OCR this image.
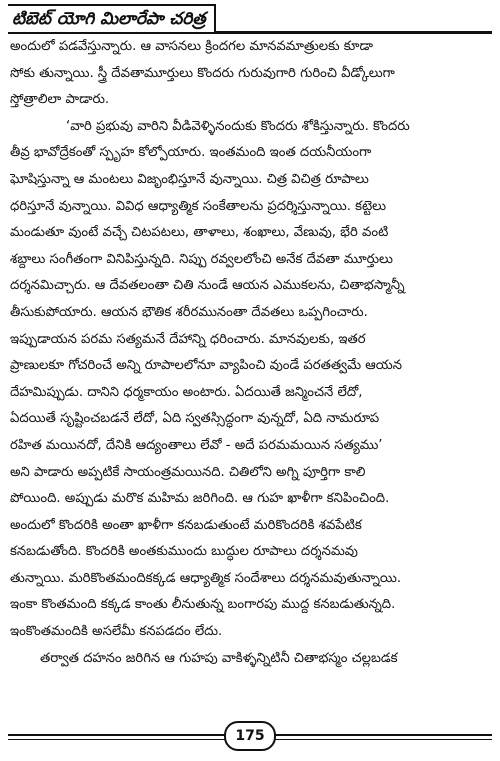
టిబెట్ యోగి మిలారేపా చరిత్ర
అందులో పడవేస్తున్నారు. ఆ వాసనలు క్రిందగల మానవమాత్రులకు కూడా
సోకు తున్నాయి. స్త్రీ దేవతామూర్తులు కొందరు గురువుగారి గురించి వీడ్కోలుగా
స్తోత్రాలిలా పాడారు.
‘వారి ప్రభువు వారిని వీడివెళ్ళినందుకు కొందరు శోకిస్తున్నారు. కొందరు
తీవ్ర భావోద్రేకంతో స్పృహ కోల్పోయారు. ఇంతమంది ఇంత దయనీయంగా
ఘోషిస్తున్నా ఆ మంటలు విజృంభిస్తూనే వున్నాయి. చిత్ర విచిత్ర రూపాలు
ధరిస్తూనే వున్నాయి. వివిధ ఆధ్యాత్మిక సంకేతాలను ప్రదర్శిస్తున్నాయి. కట్టెలు
మండుతూ వుంటే వచ్చే చిటపటలు, తాళాలు, శంఖాలు, వేణువు, భేరి వంటి
శబ్దాలు సంగీతంగా వినిపిస్తున్నది. నిప్పు రవ్వలలోంచి అనేక దేవతా మూర్తులు
దర్శనమిచ్చారు. ఆ దేవతలంతా చితి నుండే ఆయన ఎముకలను, చితాభస్మాన్నీ
తీసుకుపోయారు. ఆయన భౌతిక శరీరమునంతా దేవతలు ఒప్పగించారు.
ఇప్పుడాయన పరమ సత్యమనే దేహాన్ని ధరించారు. మానవులకు, ఇతర
ప్రాణులకూ గోచరించే అన్ని రూపాలలోనూ వ్యాపించి వుండే పరతత్వమే ఆయన
దేహమిప్పుడు. దానిని ధర్మకాయం అంటారు. ఏదయితే జన్మించనే లేదో,
ఏదయితే సృష్టించబడనే లేదో, ఏది స్వతస్సిద్ధంగా వున్నదో, ఏది నామరూప
రహిత మయినదో, దేనికి ఆద్యంతాలు లేవో - అదే పరమమయిన సత్యము’
అని పాడారు అప్పటికే సాయంత్రమయినది. చితిలోని అగ్ని పూర్తిగా కాలి
పోయింది. అప్పుడు మరొక మహిమ జరిగింది. ఆ గుహ ఖాళీగా కనిపించింది.
అందులో కొందరికి అంతా ఖాళీగా కనబడుతుంటే మరికొందరికి శవపేటిక
కనబడుతోంది. కొందరికి అంతకుముందు బుద్ధుల రూపాలు దర్శనమవు
తున్నాయి. మరికొంతమందికక్కడ ఆధ్యాత్మిక సందేశాలు దర్శనమవుతున్నాయి.
ఇంకా కొంతమంది కక్కడ కాంతు లీనుతున్న బంగారపు ముద్ద కనబడుతున్నది.
ఇంకొంతమందికి అసలేమీ కనపడదం లేదు.
తర్వాత దహనం జరిగిన ఆ గుహపు వాకిళ్ళన్నిటినీ చితాభస్మం చల్లబడక
175
